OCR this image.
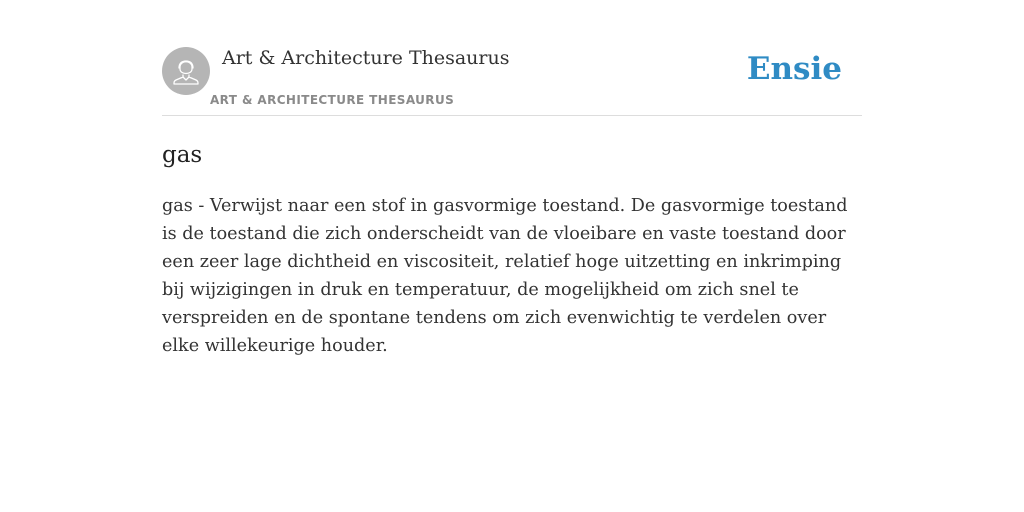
Art & Architecture Thesaurus
ART & ARCHITECTURE THESAURUS
Ensie
gas

gas - Verwijst naar een stof in gasvormige toestand. De gasvormige toestand is de toestand die zich onderscheidt van de vloeibare en vaste toestand door een zeer lage dichtheid en viscositeit, relatief hoge uitzetting en inkrimping bij wijzigingen in druk en temperatuur, de mogelijkheid om zich snel te verspreiden en de spontane tendens om zich evenwichtig te verdelen over elke willekeurige houder.
